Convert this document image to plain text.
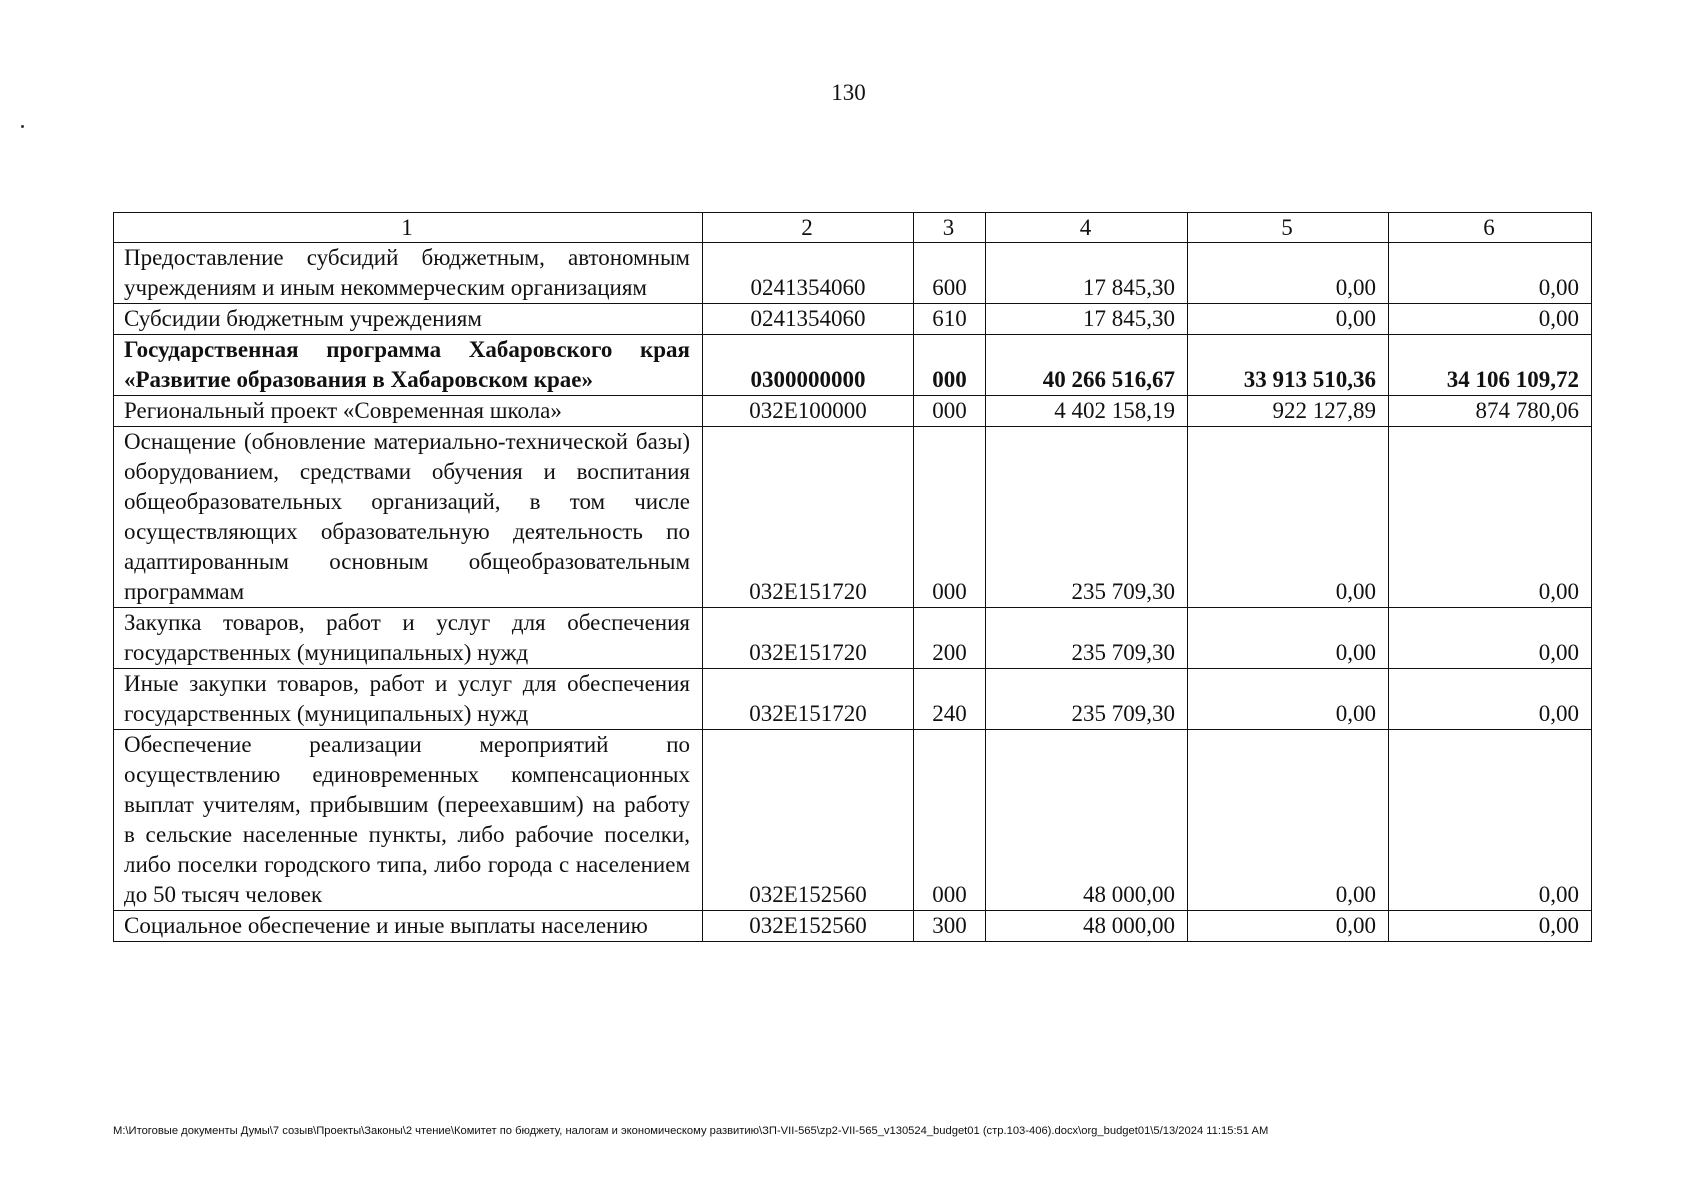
130
1	2	3	4	5	6
Предоставление субсидий бюджетным, автономным учреждениям и иным некоммерческим организациям	0241354060	600	17 845,30	0,00	0,00
Субсидии бюджетным учреждениям	0241354060	610	17 845,30	0,00	0,00
Государственная программа Хабаровского края «Развитие образования в Хабаровском крае»	0300000000	000	40 266 516,67	33 913 510,36	34 106 109,72
Региональный проект «Современная школа»	032E100000	000	4 402 158,19	922 127,89	874 780,06
Оснащение (обновление материально-технической базы) оборудованием, средствами обучения и воспитания общеобразовательных организаций, в том числе осуществляющих образовательную деятельность по адаптированным основным общеобразовательным программам	032E151720	000	235 709,30	0,00	0,00
Закупка товаров, работ и услуг для обеспечения государственных (муниципальных) нужд	032E151720	200	235 709,30	0,00	0,00
Иные закупки товаров, работ и услуг для обеспечения государственных (муниципальных) нужд	032E151720	240	235 709,30	0,00	0,00
Обеспечение реализации мероприятий по осуществлению единовременных компенсационных выплат учителям, прибывшим (переехавшим) на работу в сельские населенные пункты, либо рабочие поселки, либо поселки городского типа, либо города с населением до 50 тысяч человек	032E152560	000	48 000,00	0,00	0,00
Социальное обеспечение и иные выплаты населению	032E152560	300	48 000,00	0,00	0,00
M:\Итоговые документы Думы\7 созыв\Проекты\Законы\2 чтение\Комитет по бюджету, налогам и экономическому развитию\ЗП-VII-565\zp2-VII-565_v130524_budget01 (стр.103-406).docx\org_budget01\5/13/2024 11:15:51 AM
